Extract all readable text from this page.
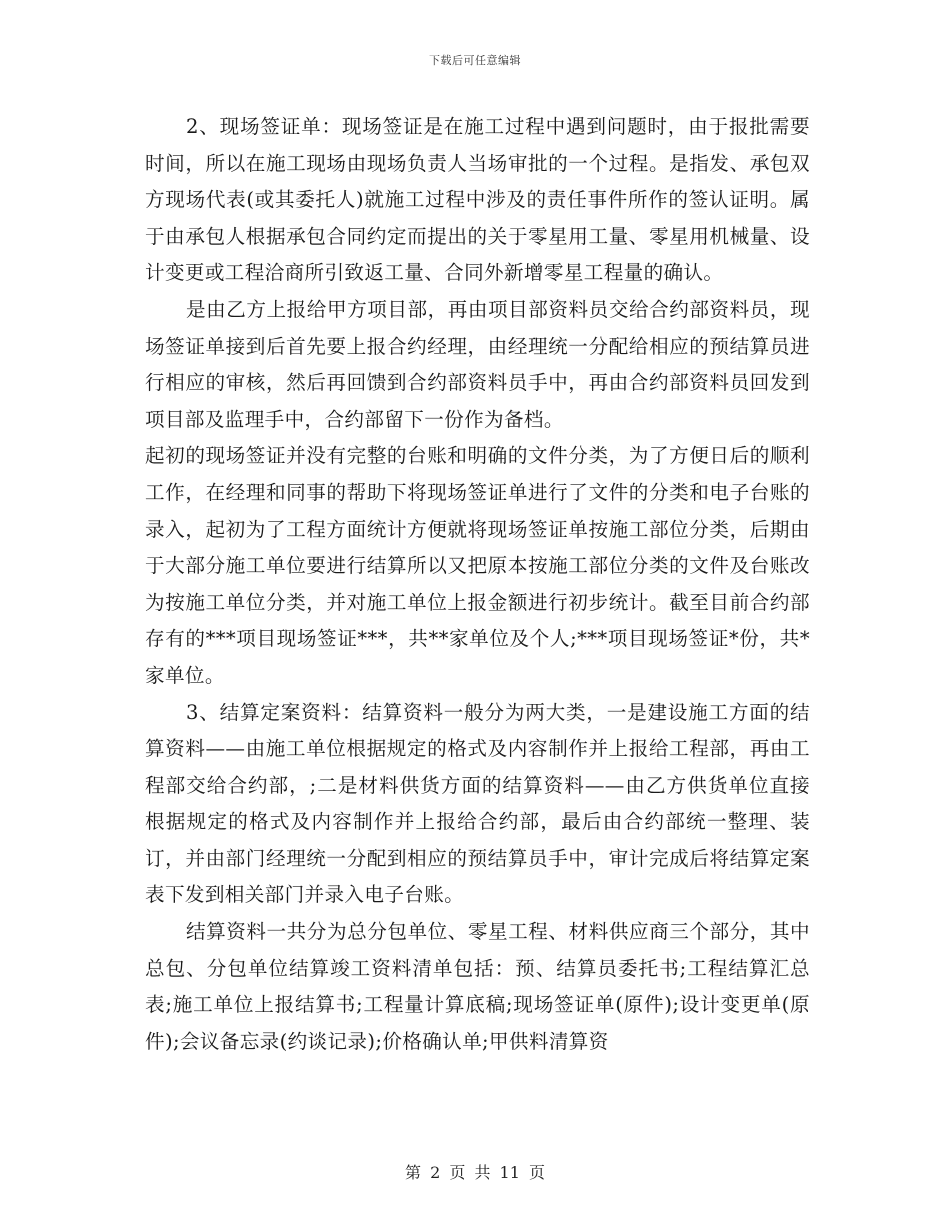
下载后可任意编辑

2、现场签证单：现场签证是在施工过程中遇到问题时，由于报批需要时间，所以在施工现场由现场负责人当场审批的一个过程。是指发、承包双方现场代表(或其委托人)就施工过程中涉及的责任事件所作的签认证明。属于由承包人根据承包合同约定而提出的关于零星用工量、零星用机械量、设计变更或工程洽商所引致返工量、合同外新增零星工程量的确认。

是由乙方上报给甲方项目部，再由项目部资料员交给合约部资料员，现场签证单接到后首先要上报合约经理，由经理统一分配给相应的预结算员进行相应的审核，然后再回馈到合约部资料员手中，再由合约部资料员回发到项目部及监理手中，合约部留下一份作为备档。

起初的现场签证并没有完整的台账和明确的文件分类，为了方便日后的顺利工作，在经理和同事的帮助下将现场签证单进行了文件的分类和电子台账的录入，起初为了工程方面统计方便就将现场签证单按施工部位分类，后期由于大部分施工单位要进行结算所以又把原本按施工部位分类的文件及台账改为按施工单位分类，并对施工单位上报金额进行初步统计。截至目前合约部存有的***项目现场签证***，共**家单位及个人;***项目现场签证*份，共*家单位。

3、结算定案资料：结算资料一般分为两大类，一是建设施工方面的结算资料——由施工单位根据规定的格式及内容制作并上报给工程部，再由工程部交给合约部，;二是材料供货方面的结算资料——由乙方供货单位直接根据规定的格式及内容制作并上报给合约部，最后由合约部统一整理、装订，并由部门经理统一分配到相应的预结算员手中，审计完成后将结算定案表下发到相关部门并录入电子台账。

结算资料一共分为总分包单位、零星工程、材料供应商三个部分，其中总包、分包单位结算竣工资料清单包括：预、结算员委托书;工程结算汇总表;施工单位上报结算书;工程量计算底稿;现场签证单(原件);设计变更单(原件);会议备忘录(约谈记录);价格确认单;甲供料清算资

第 2 页 共 11 页
